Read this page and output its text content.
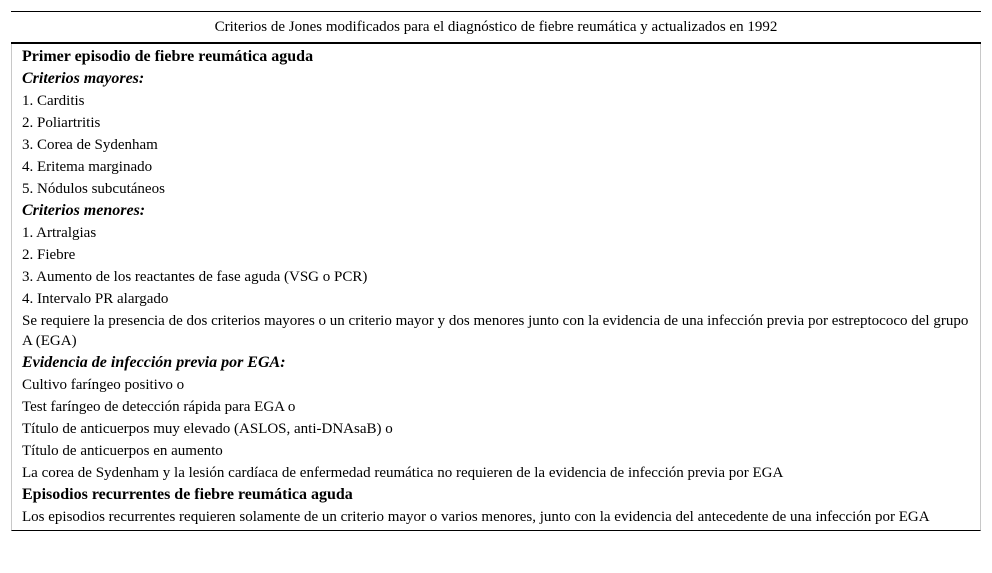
Criterios de Jones modificados para el diagnóstico de fiebre reumática y actualizados en 1992
Primer episodio de fiebre reumática aguda
Criterios mayores:
1. Carditis
2. Poliartritis
3. Corea de Sydenham
4. Eritema marginado
5. Nódulos subcutáneos
Criterios menores:
1. Artralgias
2. Fiebre
3. Aumento de los reactantes de fase aguda (VSG o PCR)
4. Intervalo PR alargado
Se requiere la presencia de dos criterios mayores o un criterio mayor y dos menores junto con la evidencia de una infección previa por estreptococo del grupo A (EGA)
Evidencia de infección previa por EGA:
Cultivo faríngeo positivo o
Test faríngeo de detección rápida para EGA o
Título de anticuerpos muy elevado (ASLOS, anti-DNAsaB) o
Título de anticuerpos en aumento
La corea de Sydenham y la lesión cardíaca de enfermedad reumática no requieren de la evidencia de infección previa por EGA
Episodios recurrentes de fiebre reumática aguda
Los episodios recurrentes requieren solamente de un criterio mayor o varios menores, junto con la evidencia del antecedente de una infección por EGA
